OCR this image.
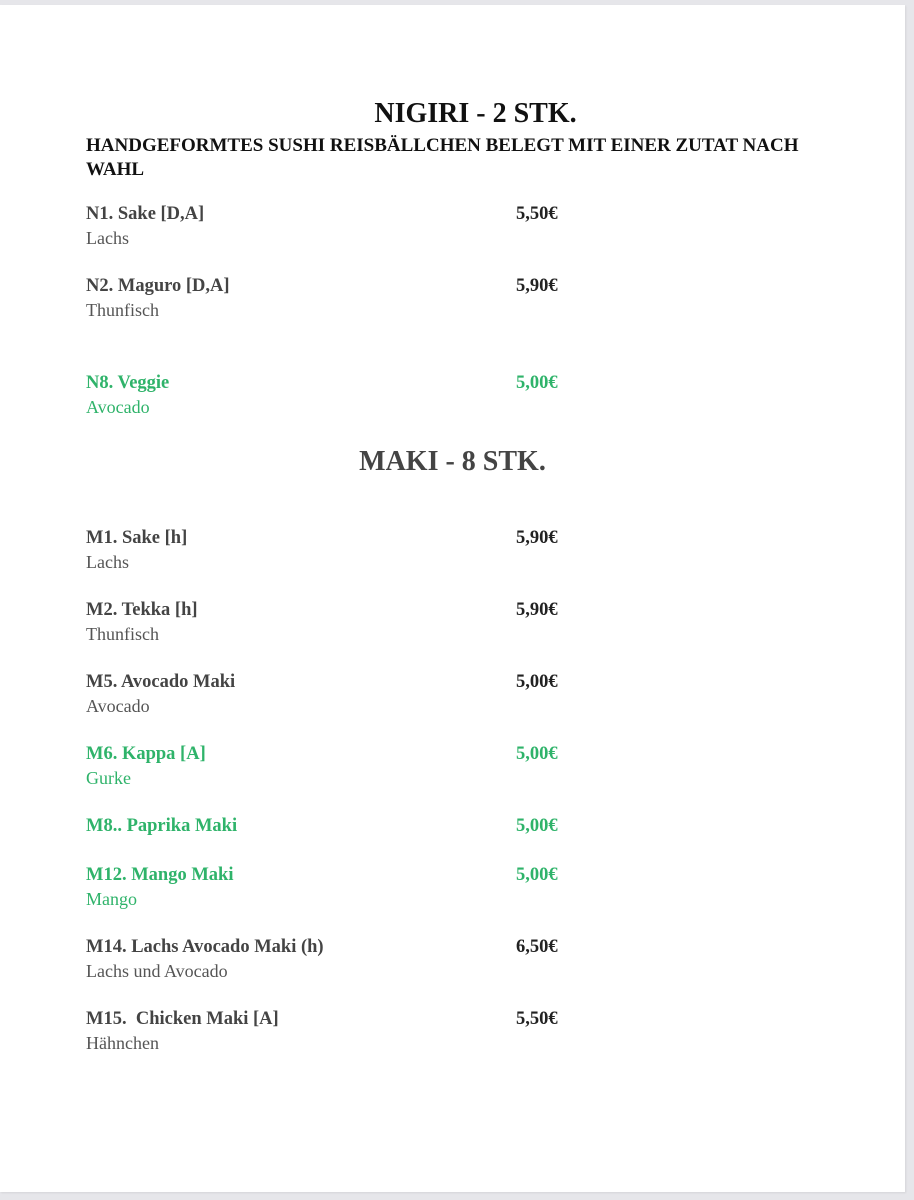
NIGIRI - 2 STK.

HANDGEFORMTES SUSHI REISBÄLLCHEN BELEGT MIT EINER ZUTAT NACH WAHL

N1. Sake [D,A]
Lachs
5,50€
N2. Maguro [D,A]
Thunfisch
5,90€
N8. Veggie
Avocado
5,00€
MAKI - 8 STK.
M1. Sake [h]
Lachs
5,90€
M2. Tekka [h]
Thunfisch
5,90€
M5. Avocado Maki
Avocado
5,00€
M6. Kappa [A]
Gurke
5,00€
M8.. Paprika Maki	5,00€
M12. Mango Maki
Mango
5,00€
M14. Lachs Avocado Maki (h)
Lachs und Avocado
6,50€
M15.  Chicken Maki [A]
Hähnchen
5,50€
